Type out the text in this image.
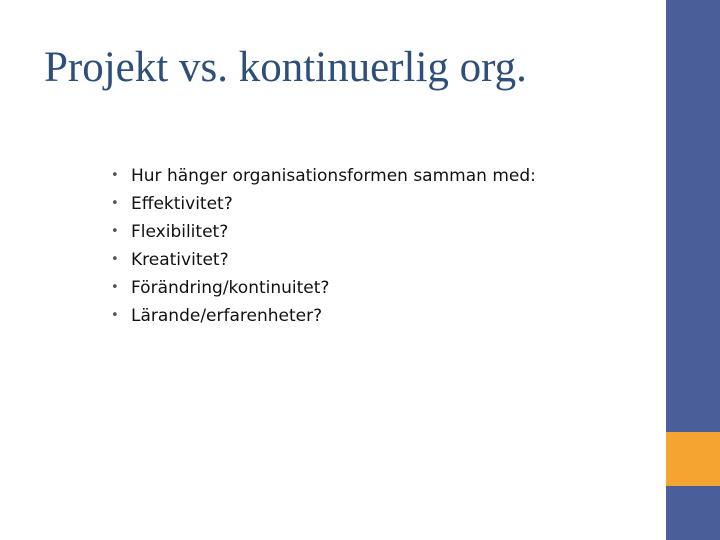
Projekt vs. kontinuerlig org.
• Hur hänger organisationsformen samman med:
• Effektivitet?
• Flexibilitet?
• Kreativitet?
• Förändring/kontinuitet?
• Lärande/erfarenheter?
